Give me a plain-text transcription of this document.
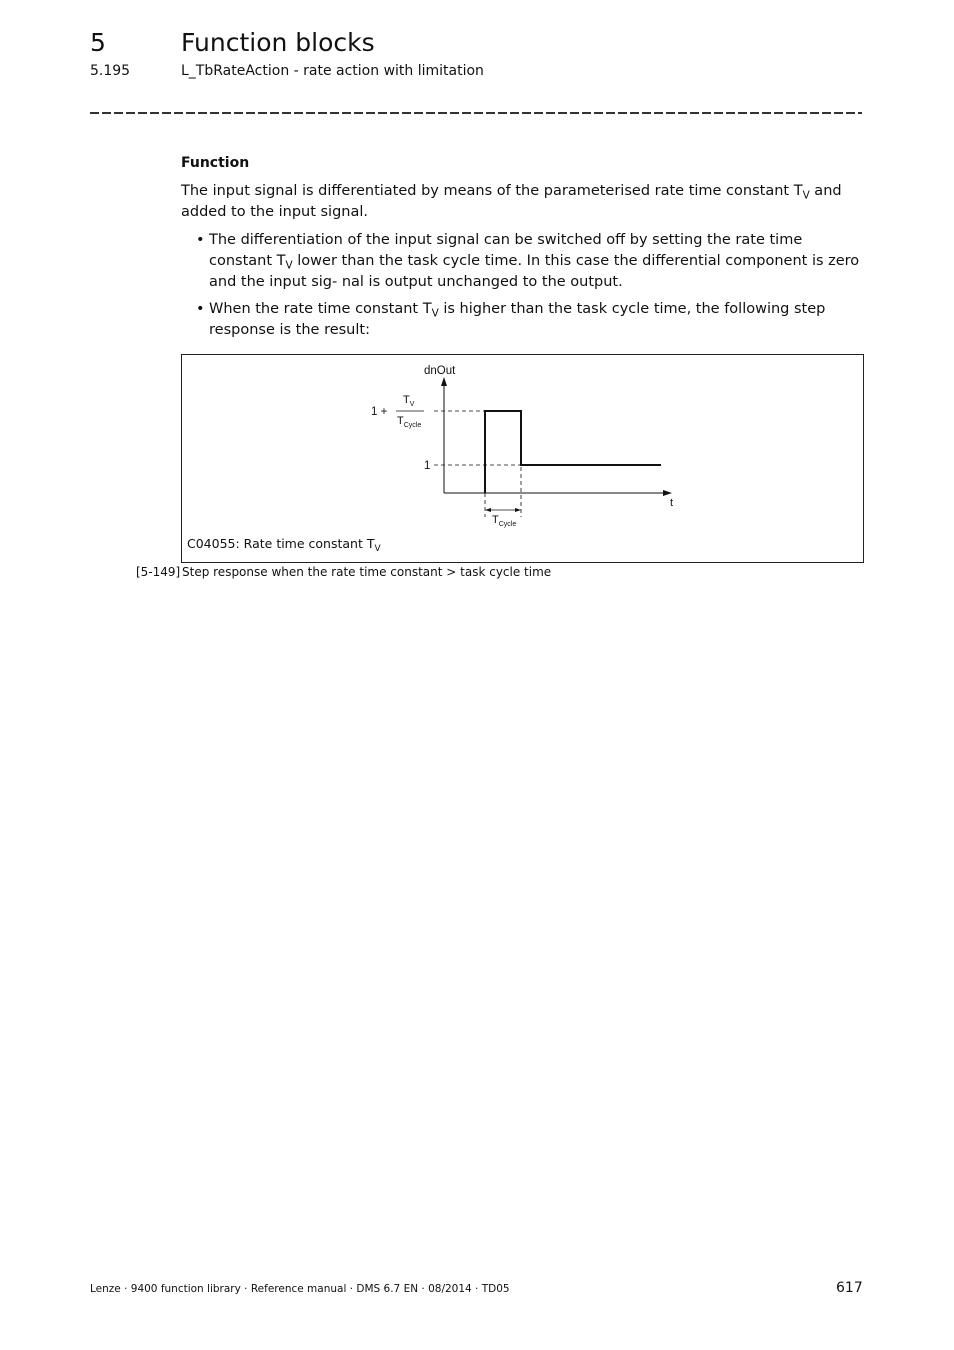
5	Function blocks
5.195	L_TbRateAction - rate action with limitation
Function
The input signal is differentiated by means of the parameterised rate time constant $T_V$ and added to the input signal.
• The differentiation of the input signal can be switched off by setting the rate time constant $T_V$ lower than the task cycle time. In this case the differential component is zero and the input sig- nal is output unchanged to the output.
• When the rate time constant $T_V$ is higher than the task cycle time, the following step response is the result:
dnOut
t
1 +
$T_V$
$T_{Cycle}$
1
$T_{Cycle}$
C04055: Rate time constant $T_V$
[5-149] Step response when the rate time constant > task cycle time
Lenze · 9400 function library · Reference manual · DMS 6.7 EN · 08/2014 · TD05	617
